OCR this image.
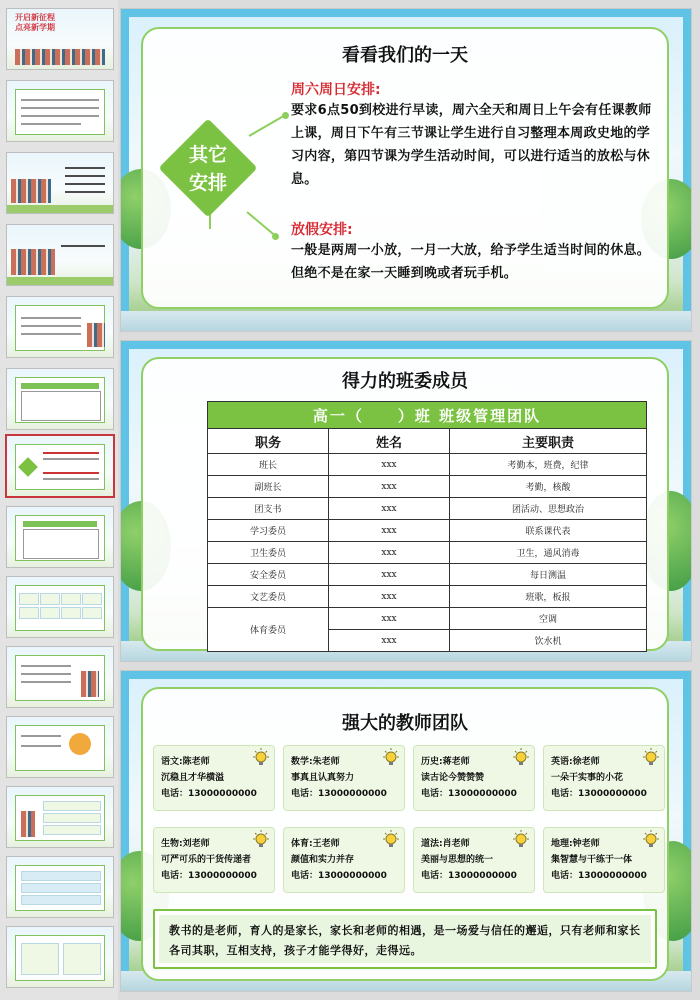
开启新征程
点亮新学期
看看我们的一天
其它
安排
周六周日安排:
要求6点50到校进行早读，周六全天和周日上午会有任课教师上课，周日下午有三节课让学生进行自习整理本周政史地的学习内容，第四节课为学生活动时间，可以进行适当的放松与休息。
放假安排:
一般是两周一小放，一月一大放，给予学生适当时间的休息。但绝不是在家一天睡到晚或者玩手机。
得力的班委成员
高一（　　）班 班级管理团队		
职务	姓名	主要职责
班长	xxx	考勤本，班费，纪律
副班长	xxx	考勤，核酸
团支书	xxx	团活动、思想政治
学习委员	xxx	联系课代表
卫生委员	xxx	卫生，通风消毒
安全委员	xxx	每日测温
文艺委员	xxx	班歌，板报
体育委员	xxx	空调
	xxx	饮水机
强大的教师团队
语文:陈老师
沉稳且才华横溢
电话：13000000000
数学:朱老师
事真且认真努力
电话：13000000000
历史:蒋老师
读古论今赞赞赞
电话：13000000000
英语:徐老师
一朵干实事的小花
电话：13000000000
生物:刘老师
可严可乐的干货传递者
电话：13000000000
体育:王老师
颜值和实力并存
电话：13000000000
道法:肖老师
美丽与思想的统一
电话：13000000000
地理:钟老师
集智慧与干练于一体
电话：13000000000
教书的是老师，育人的是家长，家长和老师的相遇，是一场爱与信任的邂逅，只有老师和家长各司其职，互相支持，孩子才能学得好，走得远。
